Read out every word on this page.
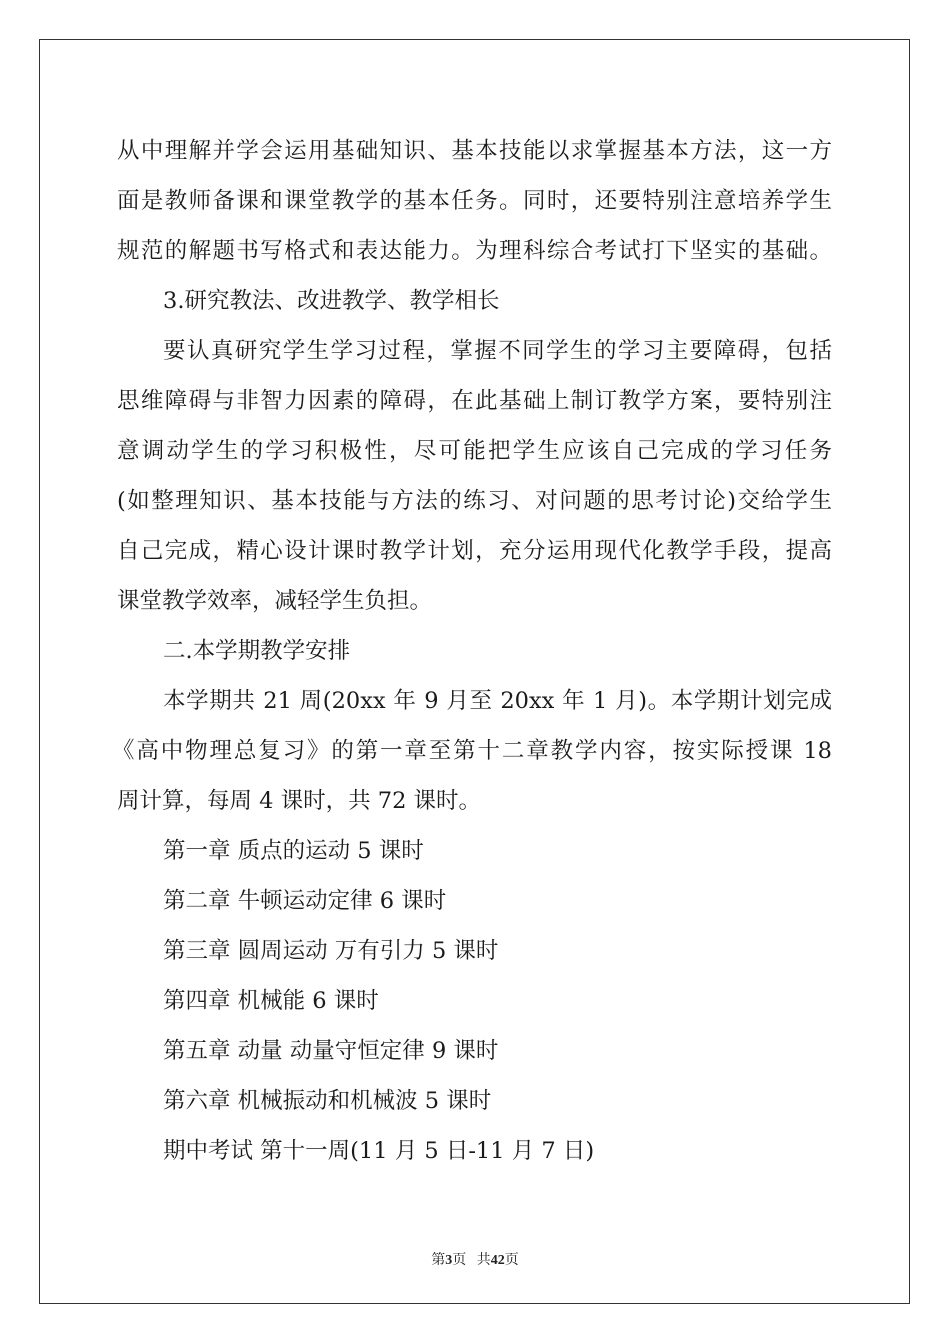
从中理解并学会运用基础知识、基本技能以求掌握基本方法，这一方
面是教师备课和课堂教学的基本任务。同时，还要特别注意培养学生
规范的解题书写格式和表达能力。为理科综合考试打下坚实的基础。
3.研究教法、改进教学、教学相长
要认真研究学生学习过程，掌握不同学生的学习主要障碍，包括
思维障碍与非智力因素的障碍，在此基础上制订教学方案，要特别注
意调动学生的学习积极性，尽可能把学生应该自己完成的学习任务
(如整理知识、基本技能与方法的练习、对问题的思考讨论)交给学生
自己完成，精心设计课时教学计划，充分运用现代化教学手段，提高
课堂教学效率，减轻学生负担。
二.本学期教学安排
本学期共 21 周(20xx 年 9 月至 20xx 年 1 月)。本学期计划完成
《高中物理总复习》的第一章至第十二章教学内容，按实际授课 18
周计算，每周 4 课时，共 72 课时。
第一章 质点的运动 5 课时
第二章 牛顿运动定律 6 课时
第三章 圆周运动 万有引力 5 课时
第四章 机械能 6 课时
第五章 动量 动量守恒定律 9 课时
第六章 机械振动和机械波 5 课时
期中考试 第十一周(11 月 5 日-11 月 7 日)
第3页   共42页
